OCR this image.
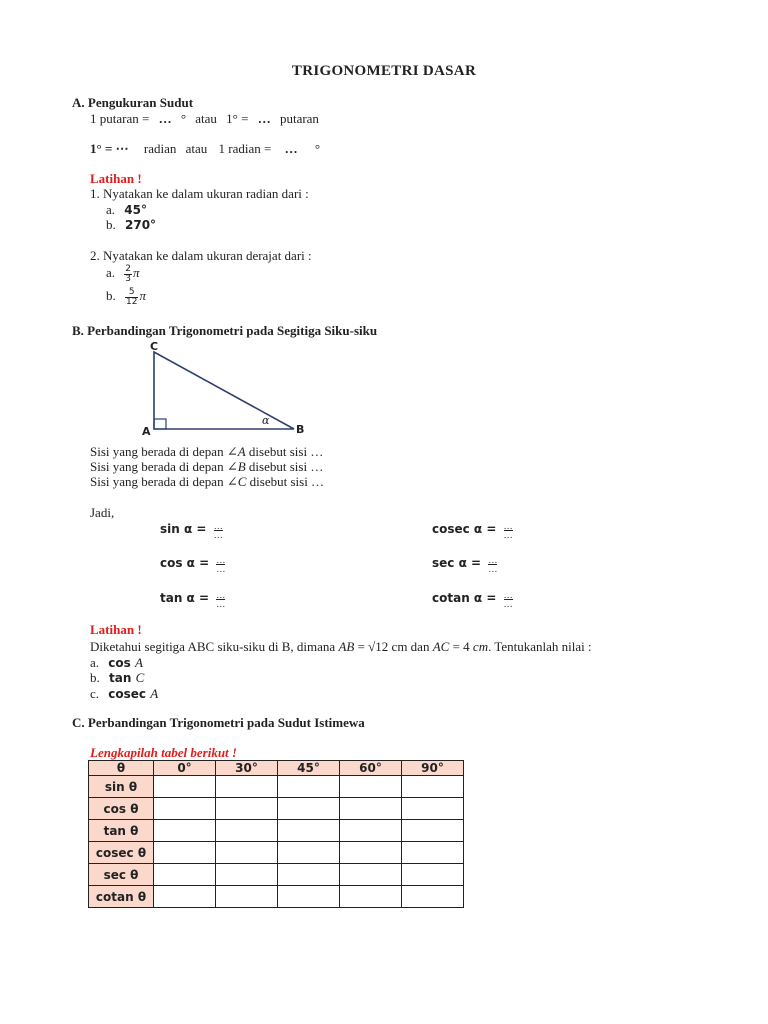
TRIGONOMETRI DASAR
A. Pengukuran Sudut
1 putaran = … ° atau 1° = … putaran
1° = ⋯ radian atau 1 radian = … °
Latihan !
1. Nyatakan ke dalam ukuran radian dari :
a. 45°
b. 270°
2. Nyatakan ke dalam ukuran derajat dari :
a. $\frac{2}{3}$ π
b. $\frac{5}{12}$ π
B. Perbandingan Trigonometri pada Segitiga Siku-siku
C
A	B
α
Sisi yang berada di depan ∠A disebut sisi …
Sisi yang berada di depan ∠B disebut sisi …
Sisi yang berada di depan ∠C disebut sisi …
Jadi,
sin α = …
…
cos α = …
…
tan α = …
…
cosec α = …
…
sec α = …
…
cotan α = …
…
Latihan !
Diketahui segitiga ABC siku-siku di B, dimana AB = √12 cm dan AC = 4 cm. Tentukanlah nilai :
a. cos A
b. tan C
c. cosec A
C. Perbandingan Trigonometri pada Sudut Istimewa
Lengkapilah tabel berikut !
θ	0°	30°	45°	60°	90°
sin θ					
cos θ					
tan θ					
cosec θ					
sec θ					
cotan θ					
